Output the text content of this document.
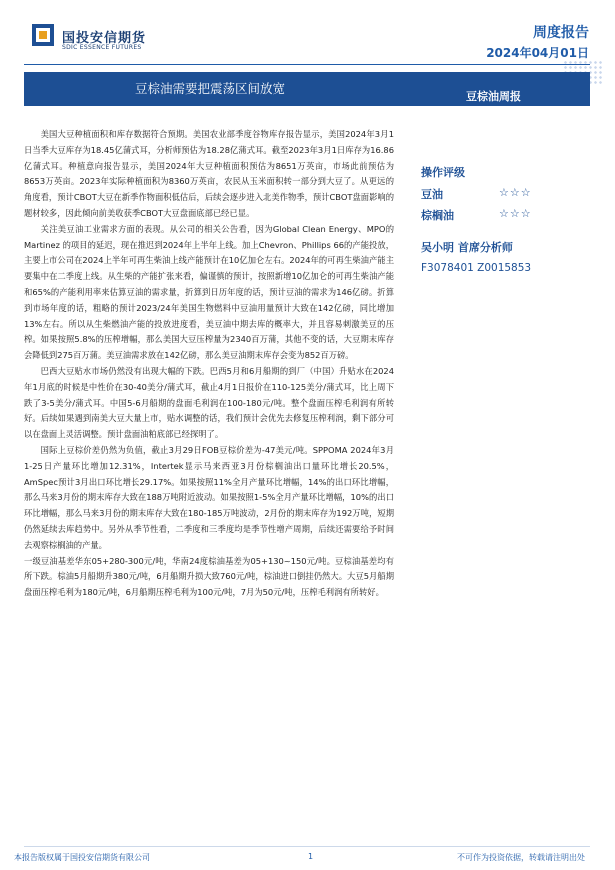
国投安信期货
SDIC ESSENCE FUTURES
周度报告
2024年04月01日
豆棕油需要把震荡区间放宽
豆棕油周报

美国大豆种植面积和库存数据符合预期。美国农业部季度谷物库存报告显示，美国2024年3月1日当季大豆库存为18.45亿蒲式耳，分析师预估为18.28亿蒲式耳。截至2023年3月1日库存为16.86亿蒲式耳。种植意向报告显示，美国2024年大豆种植面积预估为8651万英亩，市场此前预估为8653万英亩。2023年实际种植面积为8360万英亩，农民从玉米面积转一部分到大豆了。从更远的角度看，预计CBOT大豆在新季作物面积低估后，后续会逐步进入北美作物季，预计CBOT盘面影响的题材较多，因此倾向前美收获季CBOT大豆盘面底部已经已显。

关注美豆油工业需求方面的表现。从公司的相关公告看，因为Global Clean Energy、MPO的Martinez 的项目的延迟，现在推迟到2024年上半年上线。加上Chevron、Phillips 66的产能投放，主要上市公司在2024上半年可再生柴油上线产能预计在10亿加仑左右。2024年的可再生柴油产能主要集中在二季度上线。从生柴的产能扩张来看，偏谨慎的预计，按照新增10亿加仑的可再生柴油产能和65%的产能利用率来估算豆油的需求量，折算到日历年度的话，预计豆油的需求为146亿磅。折算到市场年度的话，粗略的预计2023/24年美国生物燃料中豆油用量预计大致在142亿磅，同比增加13%左右。所以从生柴燃油产能的投放进度看，美豆油中期去库的概率大，并且容易刺激美豆的压榨。如果按照5.8%的压榨增幅，那么美国大豆压榨量为2340百万蒲，其他不变的话，大豆期末库存会降低到275百万蒲。美豆油需求放在142亿磅，那么美豆油期末库存会变为852百万磅。

巴西大豆贴水市场仍然没有出现大幅的下跌。巴西5月和6月船期的到厂（中国）升贴水在2024年1月底的时候是中性价在30-40美分/蒲式耳，截止4月1日报价在110-125美分/蒲式耳，比上周下跌了3-5美分/蒲式耳。中国5-6月船期的盘面毛利润在100-180元/吨。整个盘面压榨毛利润有所转好。后续如果遇到南美大豆大量上市，贴水调整的话，我们预计会优先去修复压榨利润，剩下部分可以在盘面上灵活调整。预计盘面油粕底部已经探明了。

国际上豆棕价差仍然为负值，截止3月29日FOB豆棕价差为-47美元/吨。SPPOMA 2024年3月1-25日产量环比增加12.31%，Intertek显示马来西亚3月份棕榈油出口量环比增长20.5%，AmSpec预计3月出口环比增长29.17%。如果按照11%全月产量环比增幅，14%的出口环比增幅，那么马来3月份的期末库存大致在188万吨附近波动。如果按照1-5%全月产量环比增幅，10%的出口环比增幅，那么马来3月份的期末库存大致在180-185万吨波动，2月份的期末库存为192万吨，短期仍然延续去库趋势中。另外从季节性看，二季度和三季度均是季节性增产周期，后续还需要给予时间去观察棕榈油的产量。

一级豆油基差华东05+280-300元/吨，华南24度棕油基差为05+130~150元/吨。豆棕油基差均有所下跌。棕油5月船期升380元/吨，6月船期升损大致760元/吨，棕油进口倒挂仍然大。大豆5月船期盘面压榨毛利为180元/吨，6月船期压榨毛利为100元/吨，7月为50元/吨，压榨毛利润有所转好。

操作评级
豆油	☆☆☆
棕榈油	☆☆☆
吴小明 首席分析师
F3078401 Z0015853
本报告版权属于国投安信期货有限公司	1	不可作为投资依据，转载请注明出处
